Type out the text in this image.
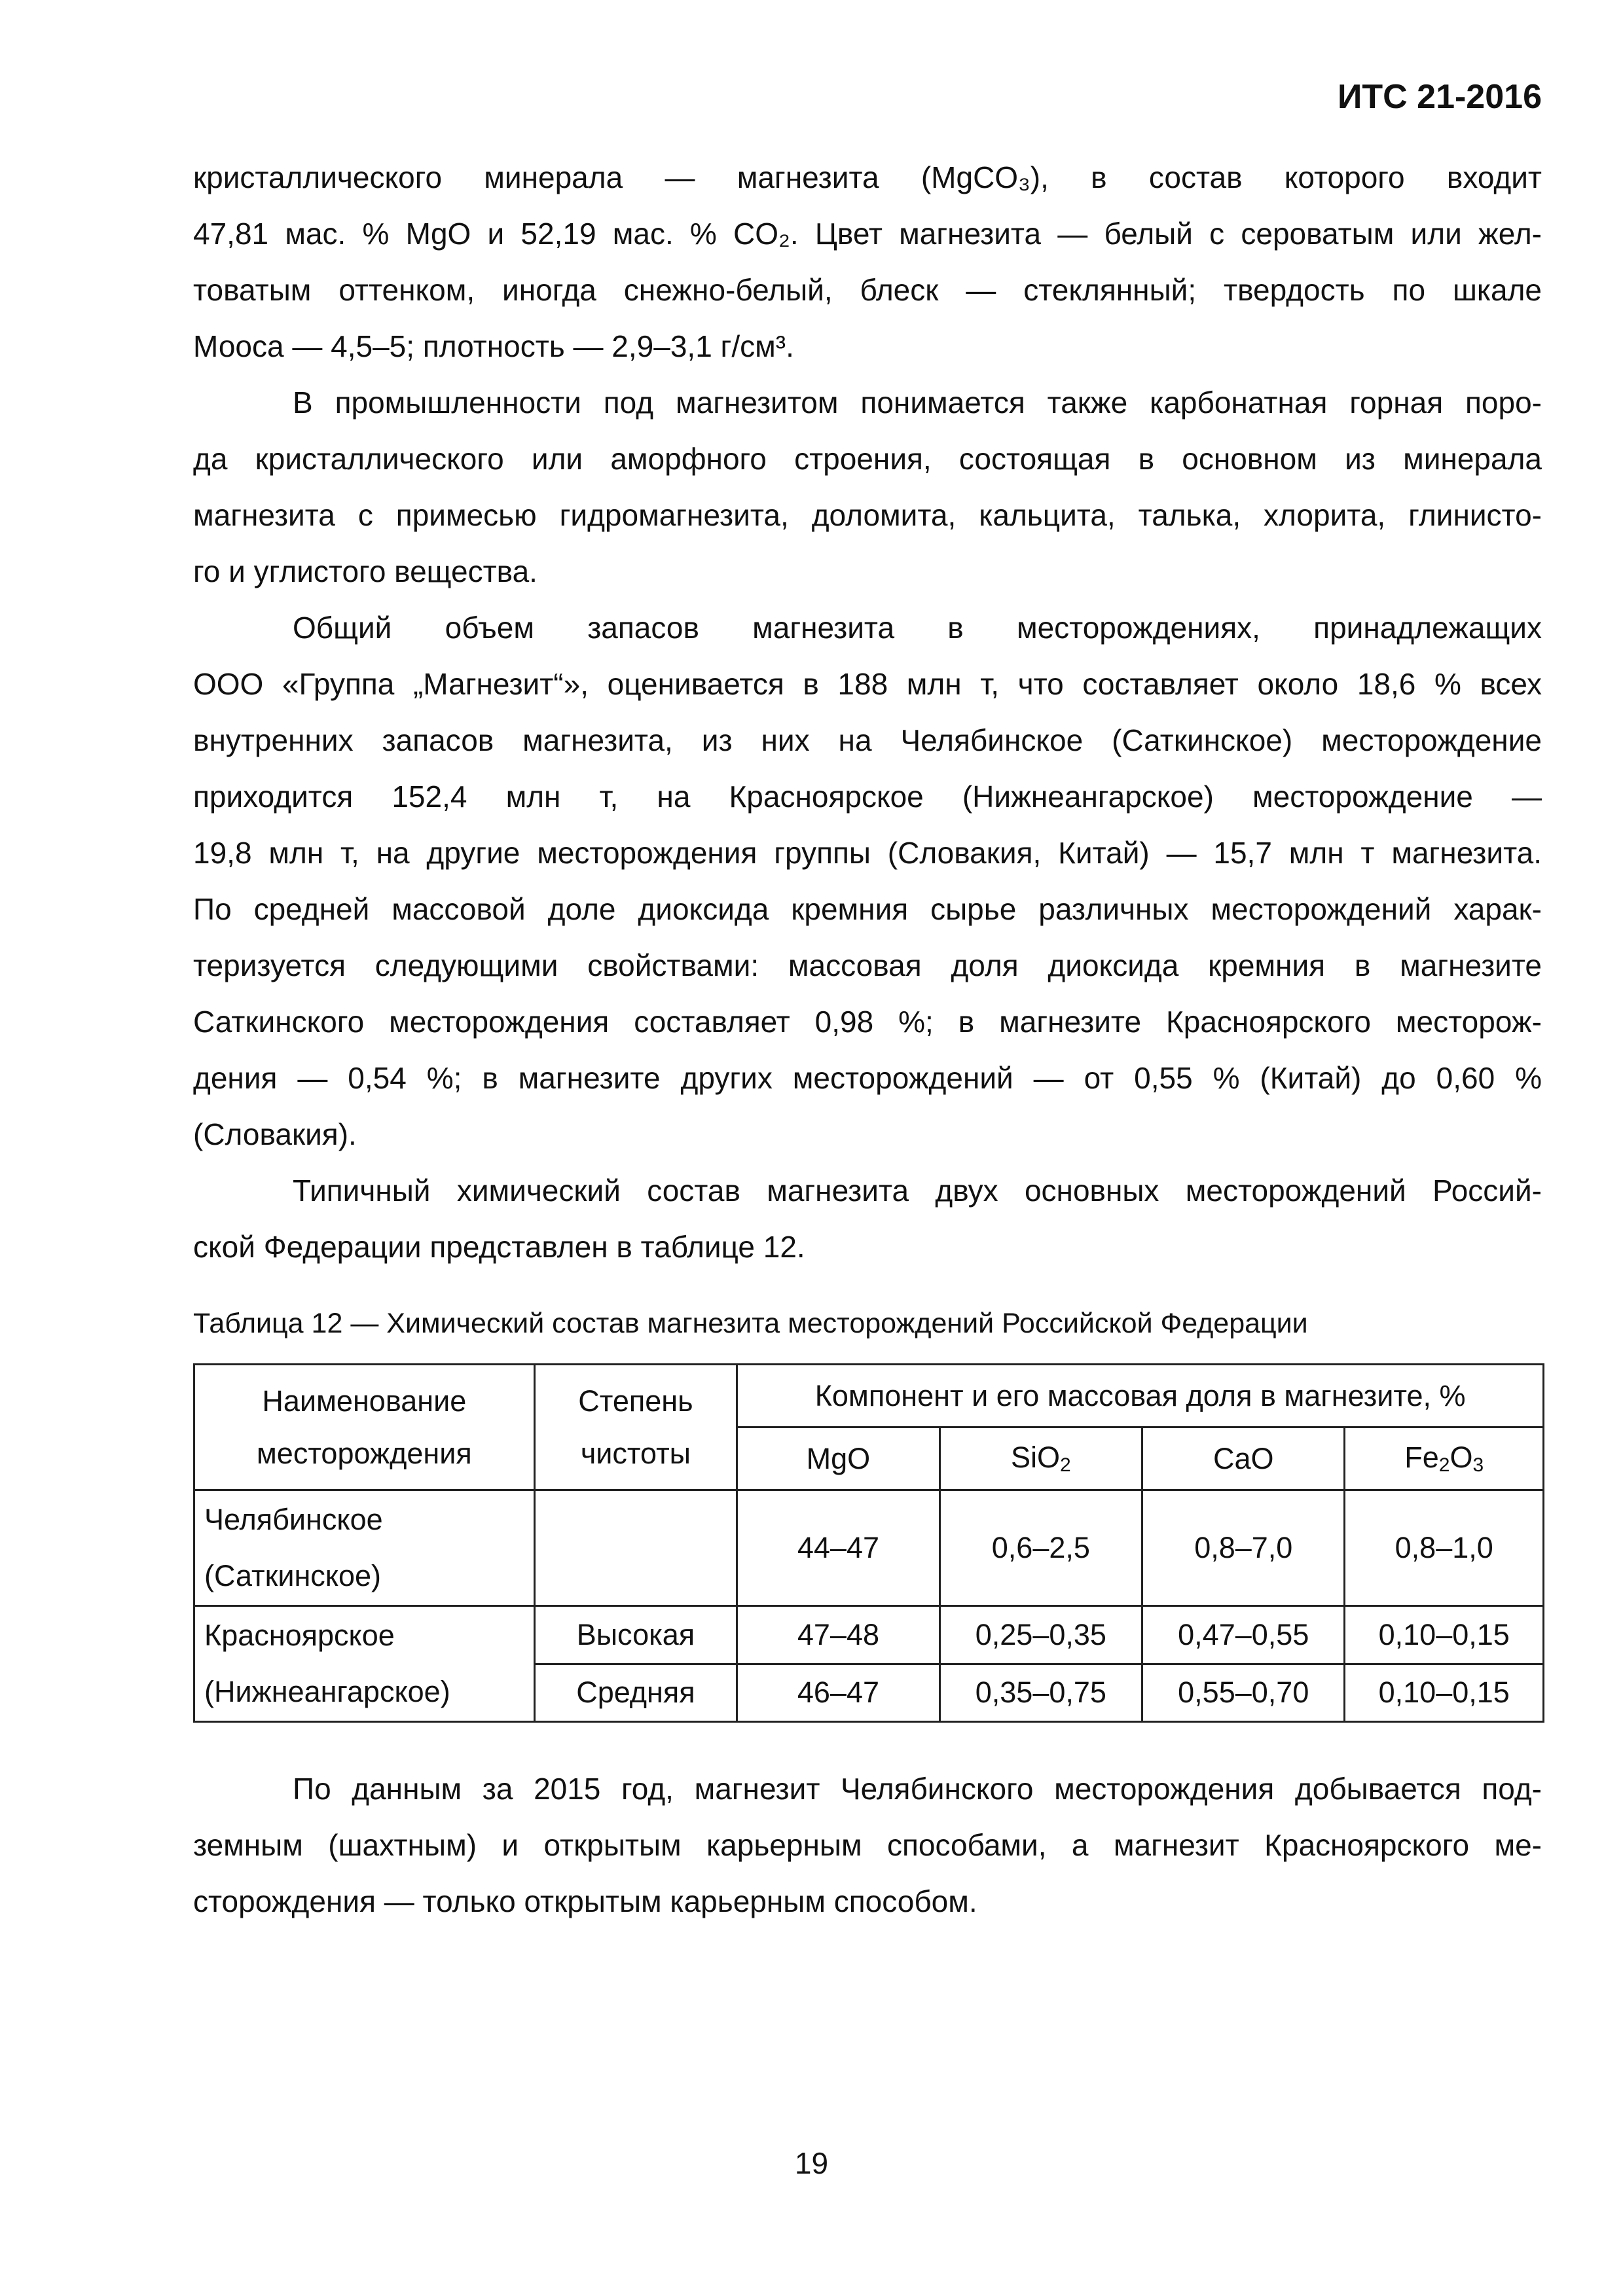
ИТС 21-2016

кристаллического минерала — магнезита (MgCO₃), в состав которого входит
47,81 мас. % MgO и 52,19 мас. % CO₂. Цвет магнезита — белый с сероватым или жел-
товатым оттенком, иногда снежно-белый, блеск — стеклянный; твердость по шкале
Мооса — 4,5–5; плотность — 2,9–3,1 г/см³.

В промышленности под магнезитом понимается также карбонатная горная поро-
да кристаллического или аморфного строения, состоящая в основном из минерала
магнезита с примесью гидромагнезита, доломита, кальцита, талька, хлорита, глинисто-
го и углистого вещества.

Общий объем запасов магнезита в месторождениях, принадлежащих
ООО «Группа „Магнезит“», оценивается в 188 млн т, что составляет около 18,6 % всех
внутренних запасов магнезита, из них на Челябинское (Саткинское) месторождение
приходится 152,4 млн т, на Красноярское (Нижнеангарское) месторождение —
19,8 млн т, на другие месторождения группы (Словакия, Китай) — 15,7 млн т магнезита.
По средней массовой доле диоксида кремния сырье различных месторождений харак-
теризуется следующими свойствами: массовая доля диоксида кремния в магнезите
Саткинского месторождения составляет 0,98 %; в магнезите Красноярского месторож-
дения — 0,54 %; в магнезите других месторождений — от 0,55 % (Китай) до 0,60 %
(Словакия).

Типичный химический состав магнезита двух основных месторождений Россий-
ской Федерации представлен в таблице 12.

Таблица 12 — Химический состав магнезита месторождений Российской Федерации
Наименование
месторождения	Степень
чистоты	Компонент и его массовая доля в магнезите, %			
		MgO	SiO$_2$	CaO	$Fe_2O_3$
Челябинское
(Саткинское)		44–47	0,6–2,5	0,8–7,0	0,8–1,0
Красноярское
(Нижнеангарское)	Высокая	47–48	0,25–0,35	0,47–0,55	0,10–0,15
	Средняя	46–47	0,35–0,75	0,55–0,70	0,10–0,15

По данным за 2015 год, магнезит Челябинского месторождения добывается под-
земным (шахтным) и открытым карьерным способами, а магнезит Красноярского ме-
сторождения — только открытым карьерным способом.

19
